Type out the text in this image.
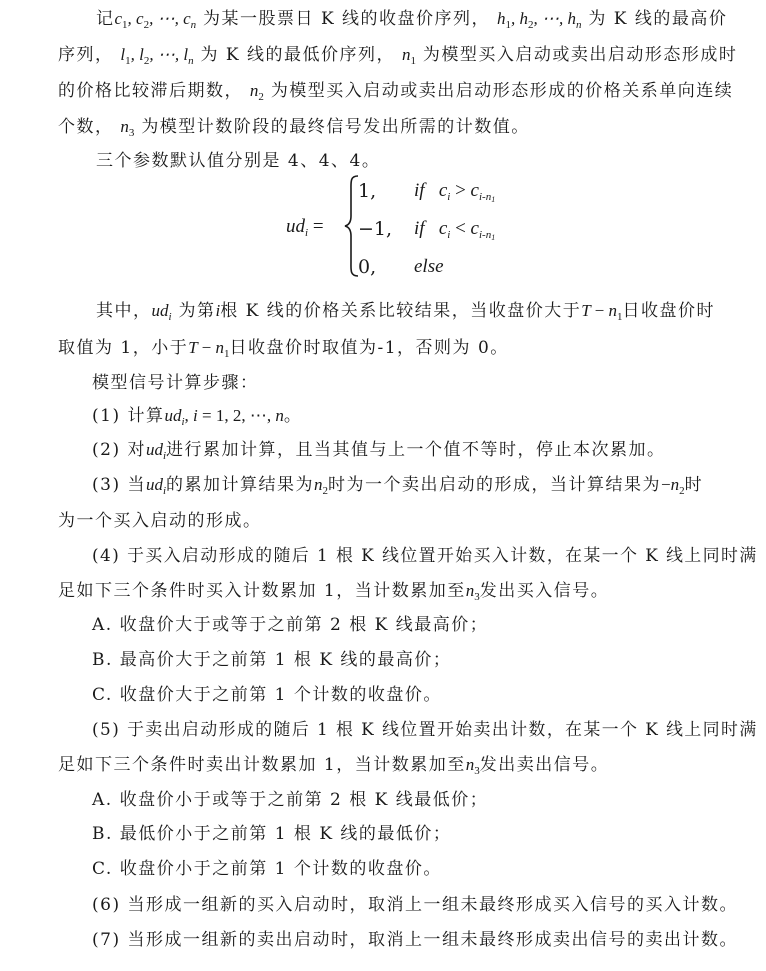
记$c_1$, $c_2$, ⋯, $c_n$ 为某一股票日 K 线的收盘价序列， $h_1$, $h_2$, ⋯, $h_n$ 为 K 线的最高价
序列， $l_1$, $l_2$, ⋯, $l_n$ 为 K 线的最低价序列， $n_1$ 为模型买入启动或卖出启动形态形成时
的价格比较滞后期数， $n_2$ 为模型买入启动或卖出启动形态形成的价格关系单向连续
个数， $n_3$ 为模型计数阶段的最终信号发出所需的计数值。
三个参数默认值分别是 4、4、4。
$ud_i$ =
1, if   $c_i > c_{i-n1}$
−1, if   $c_i < c_{i-n1}$
0, else
其中，$ud_i$ 为第i根 K 线的价格关系比较结果，当收盘价大于$T - n_1$日收盘价时
取值为 1，小于$T - n_1$日收盘价时取值为-1，否则为 0。
模型信号计算步骤：
(1) 计算$ud_i$, i = 1, 2, ⋯, n。
(2) 对$ud_i$进行累加计算，且当其值与上一个值不等时，停止本次累加。
(3) 当$ud_i$的累加计算结果为$n_2$时为一个卖出启动的形成，当计算结果为$-n_2$时
为一个买入启动的形成。
(4) 于买入启动形成的随后 1 根 K 线位置开始买入计数，在某一个 K 线上同时满
足如下三个条件时买入计数累加 1，当计数累加至$n_3$发出买入信号。
A. 收盘价大于或等于之前第 2 根 K 线最高价；
B. 最高价大于之前第 1 根 K 线的最高价；
C. 收盘价大于之前第 1 个计数的收盘价。
(5) 于卖出启动形成的随后 1 根 K 线位置开始卖出计数，在某一个 K 线上同时满
足如下三个条件时卖出计数累加 1，当计数累加至$n_3$发出卖出信号。
A. 收盘价小于或等于之前第 2 根 K 线最低价；
B. 最低价小于之前第 1 根 K 线的最低价；
C. 收盘价小于之前第 1 个计数的收盘价。
(6) 当形成一组新的买入启动时，取消上一组未最终形成买入信号的买入计数。
(7) 当形成一组新的卖出启动时，取消上一组未最终形成卖出信号的卖出计数。
